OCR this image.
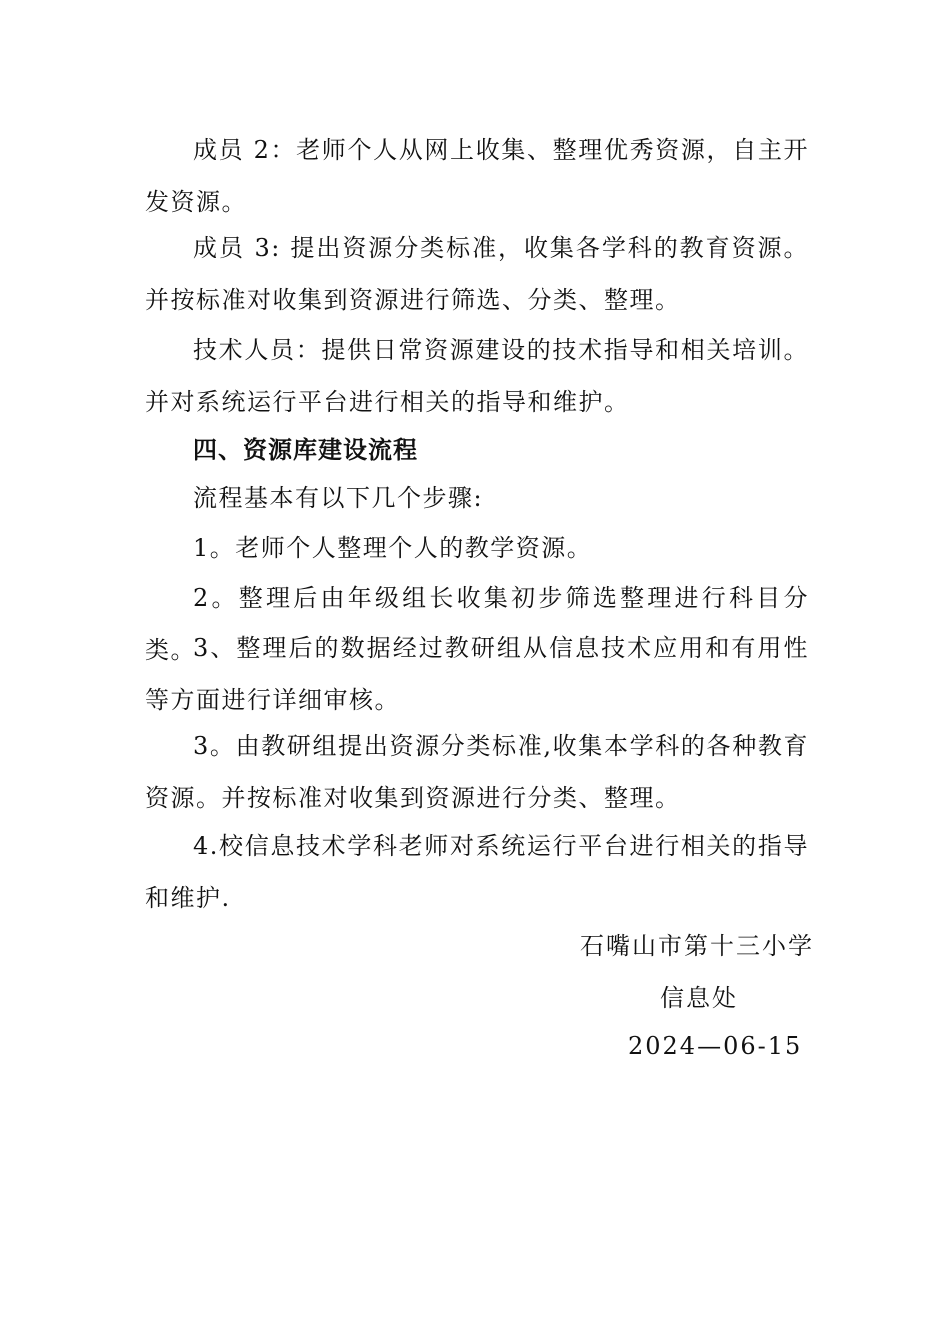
成员 2：老师个人从网上收集、整理优秀资源，自主开发资源。

成员 3: 提出资源分类标准，收集各学科的教育资源。并按标准对收集到资源进行筛选、分类、整理。

技术人员：提供日常资源建设的技术指导和相关培训。并对系统运行平台进行相关的指导和维护。

四、资源库建设流程

流程基本有以下几个步骤:

1。老师个人整理个人的教学资源。

2。整理后由年级组长收集初步筛选整理进行科目分类。

3、整理后的数据经过教研组从信息技术应用和有用性等方面进行详细审核。

3。由教研组提出资源分类标准,收集本学科的各种教育资源。并按标准对收集到资源进行分类、整理。

4.校信息技术学科老师对系统运行平台进行相关的指导和维护.

石嘴山市第十三小学

信息处

2024—06-15
